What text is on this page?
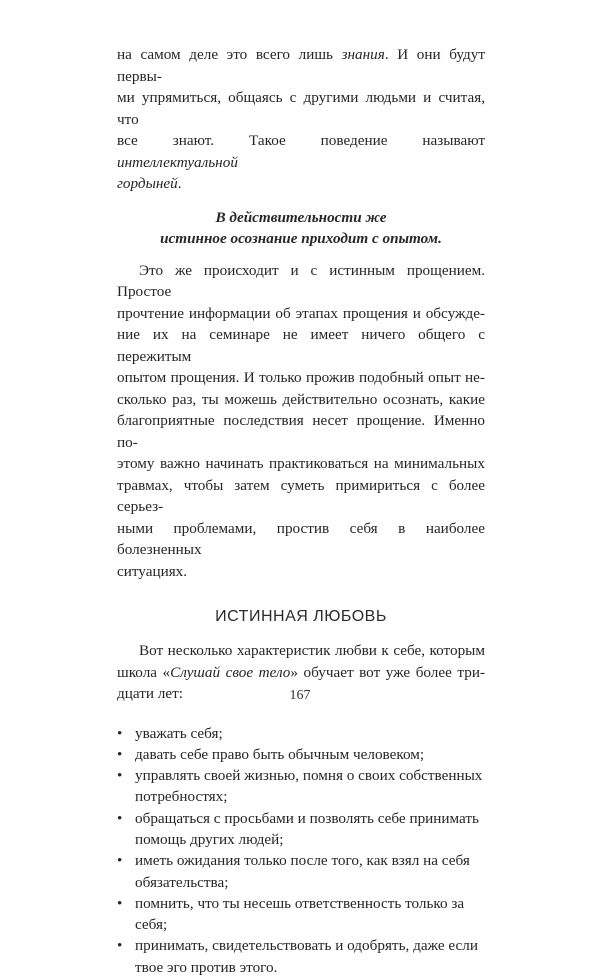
на самом деле это всего лишь знания. И они будут первы-
ми упрямиться, общаясь с другими людьми и считая, что
все знают. Такое поведение называют интеллектуальной
гордыней.

В действительности же
истинное осознание приходит с опытом.

Это же происходит и с истинным прощением. Простое
прочтение информации об этапах прощения и обсужде-
ние их на семинаре не имеет ничего общего с пережитым
опытом прощения. И только прожив подобный опыт не-
сколько раз, ты можешь действительно осознать, какие
благоприятные последствия несет прощение. Именно по-
этому важно начинать практиковаться на минимальных
травмах, чтобы затем суметь примириться с более серьез-
ными проблемами, простив себя в наиболее болезненных
ситуациях.

ИСТИННАЯ ЛЮБОВЬ

Вот несколько характеристик любви к себе, которым
школа «Слушай свое тело» обучает вот уже более три-
дцати лет:

• уважать себя;
• давать себе право быть обычным человеком;
• управлять своей жизнью, помня о своих собственных
потребностях;
• обращаться с просьбами и позволять себе принимать
помощь других людей;
• иметь ожидания только после того, как взял на себя
обязательства;
• помнить, что ты несешь ответственность только за
себя;
• принимать, свидетельствовать и одобрять, даже если
твое эго против этого.
167
